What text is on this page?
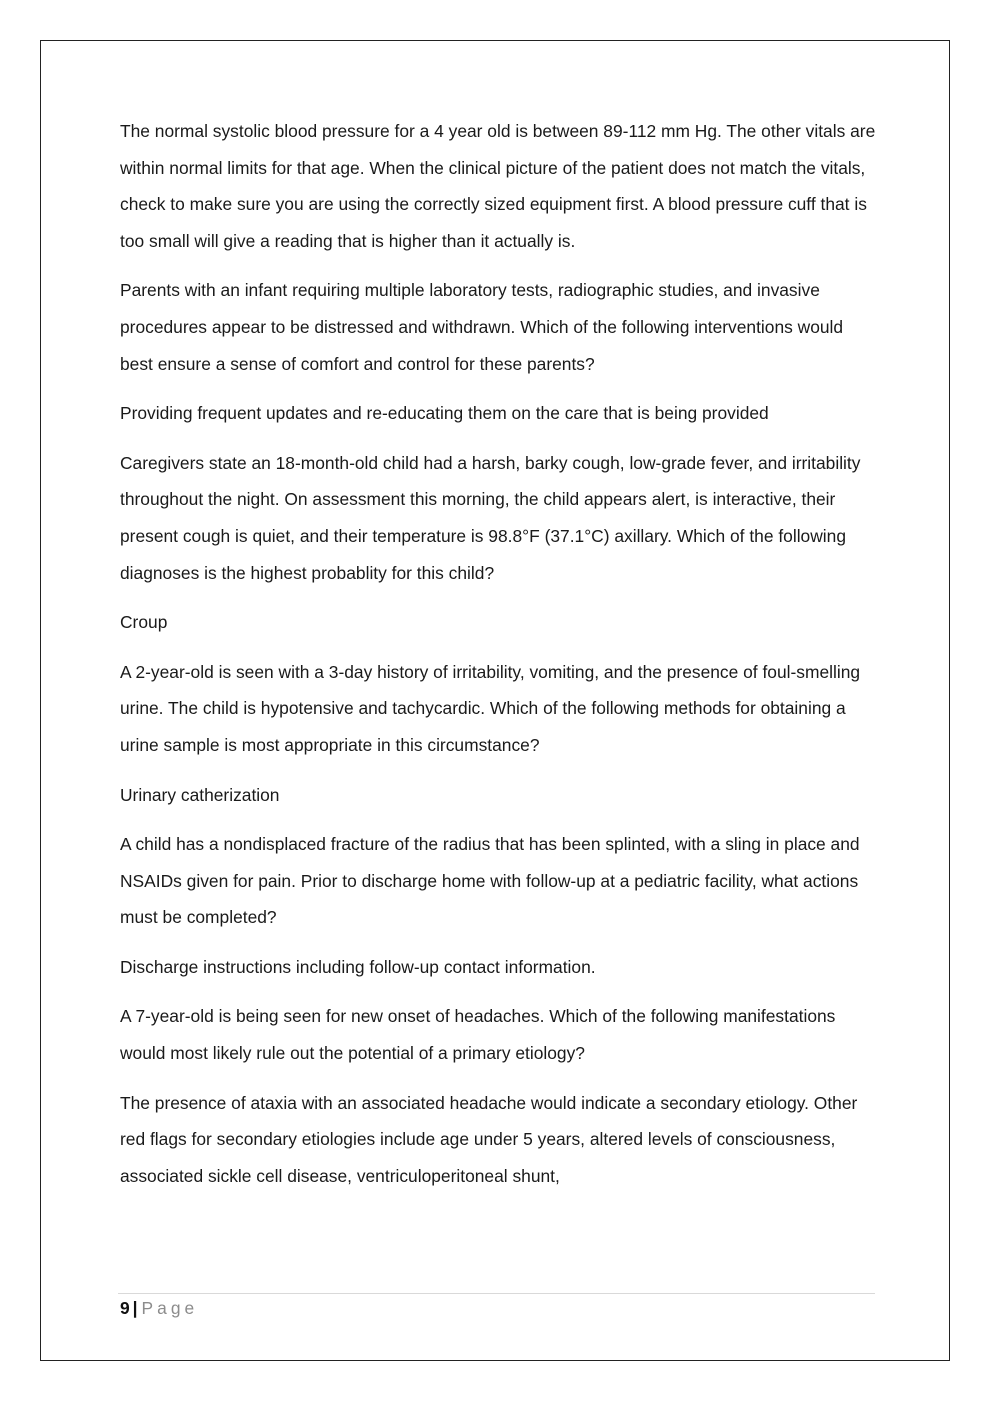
The normal systolic blood pressure for a 4 year old is between 89-112 mm Hg. The other vitals are within normal limits for that age. When the clinical picture of the patient does not match the vitals, check to make sure you are using the correctly sized equipment first. A blood pressure cuff that is too small will give a reading that is higher than it actually is.

Parents with an infant requiring multiple laboratory tests, radiographic studies, and invasive procedures appear to be distressed and withdrawn. Which of the following interventions would best ensure a sense of comfort and control for these parents?

Providing frequent updates and re-educating them on the care that is being provided

Caregivers state an 18-month-old child had a harsh, barky cough, low-grade fever, and irritability throughout the night. On assessment this morning, the child appears alert, is interactive, their present cough is quiet, and their temperature is 98.8°F (37.1°C) axillary. Which of the following diagnoses is the highest probablity for this child?

Croup

A 2-year-old is seen with a 3-day history of irritability, vomiting, and the presence of foul-smelling urine. The child is hypotensive and tachycardic. Which of the following methods for obtaining a urine sample is most appropriate in this circumstance?

Urinary catherization

A child has a nondisplaced fracture of the radius that has been splinted, with a sling in place and NSAIDs given for pain. Prior to discharge home with follow-up at a pediatric facility, what actions must be completed?

Discharge instructions including follow-up contact information.

A 7-year-old is being seen for new onset of headaches. Which of the following manifestations would most likely rule out the potential of a primary etiology?

The presence of ataxia with an associated headache would indicate a secondary etiology. Other red flags for secondary etiologies include age under 5 years, altered levels of consciousness, associated sickle cell disease, ventriculoperitoneal shunt,

9 | Page
